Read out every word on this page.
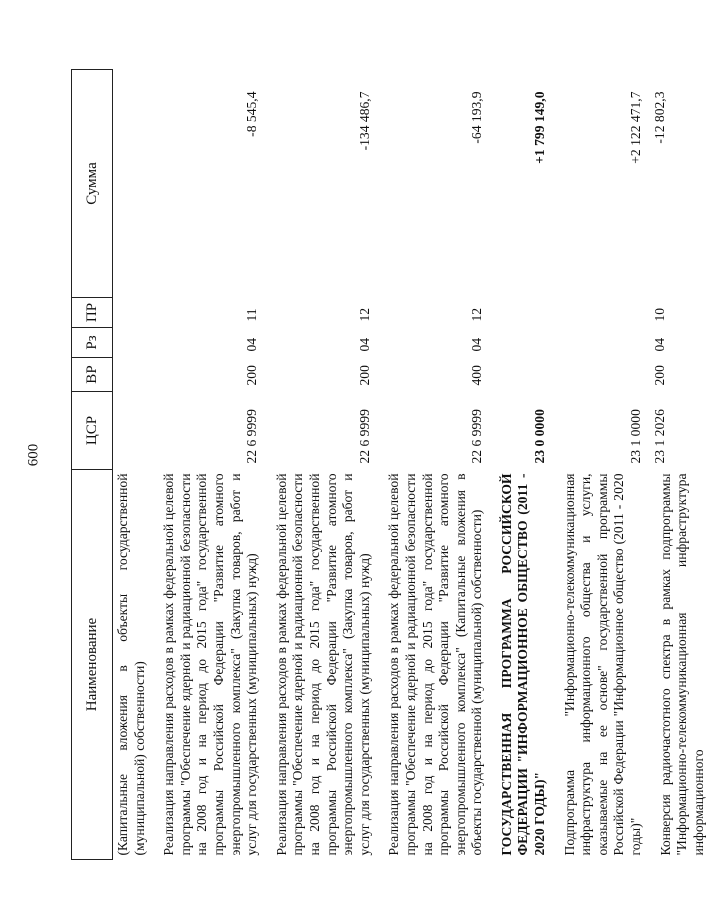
600
Наименование	ЦСР	ВР	Рз	ПР	Сумма
(Капитальные вложения в объекты государственной (муниципальной) собственности)					
Реализация направления расходов в рамках федеральной целевой программы "Обеспечение ядерной и радиационной безопасности на 2008 год и на период до 2015 года" государственной программы Российской Федерации "Развитие атомного энергопромышленного комплекса" (Закупка товаров, работ и услуг для государственных (муниципальных) нужд)	22 6 9999	200	04	11	-8 545,4
Реализация направления расходов в рамках федеральной целевой программы "Обеспечение ядерной и радиационной безопасности на 2008 год и на период до 2015 года" государственной программы Российской Федерации "Развитие атомного энергопромышленного комплекса" (Закупка товаров, работ и услуг для государственных (муниципальных) нужд)	22 6 9999	200	04	12	-134 486,7
Реализация направления расходов в рамках федеральной целевой программы "Обеспечение ядерной и радиационной безопасности на 2008 год и на период до 2015 года" государственной программы Российской Федерации "Развитие атомного энергопромышленного комплекса" (Капитальные вложения в объекты государственной (муниципальной) собственности)	22 6 9999	400	04	12	-64 193,9
ГОСУДАРСТВЕННАЯ ПРОГРАММА РОССИЙСКОЙ ФЕДЕРАЦИИ "ИНФОРМАЦИОННОЕ ОБЩЕСТВО (2011 - 2020 ГОДЫ)"	23 0 0000				+1 799 149,0
Подпрограмма "Информационно-телекоммуникационная инфраструктура информационного общества и услуги, оказываемые на ее основе" государственной программы Российской Федерации "Информационное общество (2011 - 2020 годы)"	23 1 0000				+2 122 471,7
Конверсия радиочастотного спектра в рамках подпрограммы "Информационно-телекоммуникационная инфраструктура информационного	23 1 2026	200	04	10	-12 802,3
